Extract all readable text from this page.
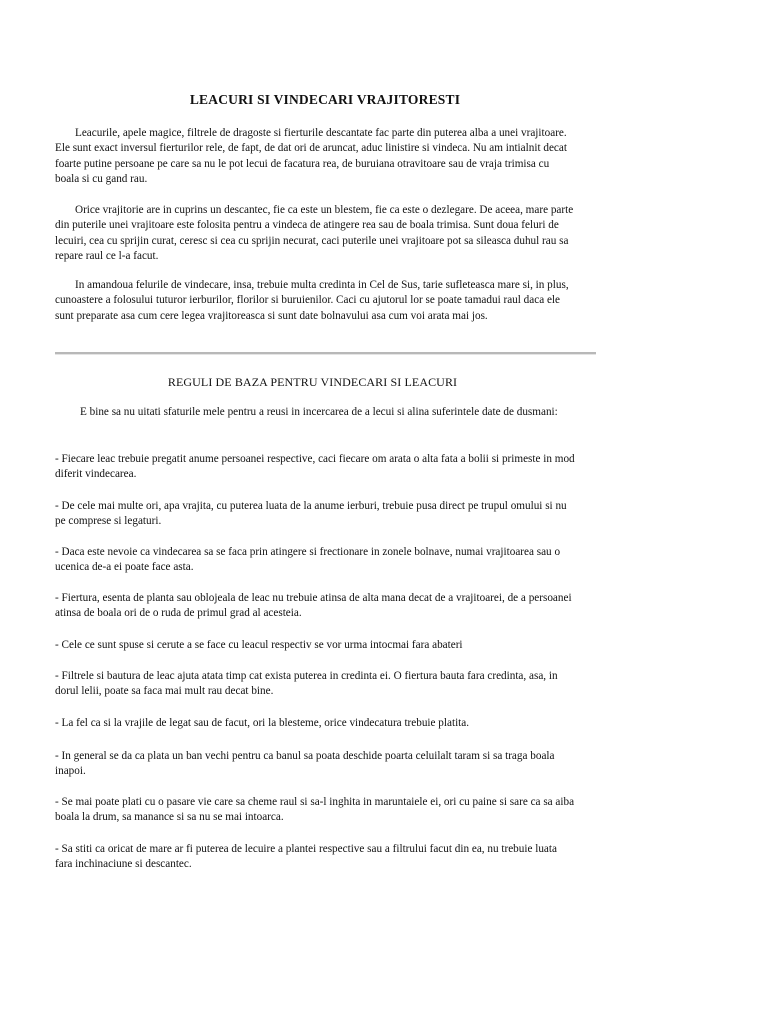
LEACURI SI VINDECARI VRAJITORESTI

Leacurile, apele magice, filtrele de dragoste si fierturile descantate fac parte din puterea alba a unei vrajitoare. Ele sunt exact inversul fierturilor rele, de fapt, de dat ori de aruncat, aduc linistire si vindeca. Nu am intialnit decat foarte putine persoane pe care sa nu le pot lecui de facatura rea, de buruiana otravitoare sau de vraja trimisa cu boala si cu gand rau.

Orice vrajitorie are in cuprins un descantec, fie ca este un blestem, fie ca este o dezlegare. De aceea, mare parte din puterile unei vrajitoare este folosita pentru a vindeca de atingere rea sau de boala trimisa. Sunt doua feluri de lecuiri, cea cu sprijin curat, ceresc si cea cu sprijin necurat, caci puterile unei vrajitoare pot sa sileasca duhul rau sa repare raul ce l-a facut.

In amandoua felurile de vindecare, insa, trebuie multa credinta in Cel de Sus, tarie sufleteasca mare si, in plus, cunoastere a folosului tuturor ierburilor, florilor si buruienilor. Caci cu ajutorul lor se poate tamadui raul daca ele sunt preparate asa cum cere legea vrajitoreasca si sunt date bolnavului asa cum voi arata mai jos.

REGULI DE BAZA PENTRU VINDECARI SI LEACURI

E bine sa nu uitati sfaturile mele pentru a reusi in incercarea de a lecui si alina suferintele date de dusmani:

- Fiecare leac trebuie pregatit anume persoanei respective, caci fiecare om arata o alta fata a bolii si primeste in mod diferit vindecarea.

- De cele mai multe ori, apa vrajita, cu puterea luata de la anume ierburi, trebuie pusa direct pe trupul omului si nu pe comprese si legaturi.

- Daca este nevoie ca vindecarea sa se faca prin atingere si frectionare in zonele bolnave, numai vrajitoarea sau o ucenica de-a ei poate face asta.

- Fiertura, esenta de planta sau oblojeala de leac nu trebuie atinsa de alta mana decat de a vrajitoarei, de a persoanei atinsa de boala ori de o ruda de primul grad al acesteia.

- Cele ce sunt spuse si cerute a se face cu leacul respectiv se vor urma intocmai fara abateri

- Filtrele si bautura de leac ajuta atata timp cat exista puterea in credinta ei. O fiertura bauta fara credinta, asa, in dorul lelii, poate sa faca mai mult rau decat bine.

- La fel ca si la vrajile de legat sau de facut, ori la blesteme, orice vindecatura trebuie platita.

- In general se da ca plata un ban vechi pentru ca banul sa poata deschide poarta celuilalt taram si sa traga boala inapoi.

- Se mai poate plati cu o pasare vie care sa cheme raul si sa-l inghita in maruntaiele ei, ori cu paine si sare ca sa aiba boala la drum, sa manance si sa nu se mai intoarca.

- Sa stiti ca oricat de mare ar fi puterea de lecuire a plantei respective sau a filtrului facut din ea, nu trebuie luata fara inchinaciune si descantec.
